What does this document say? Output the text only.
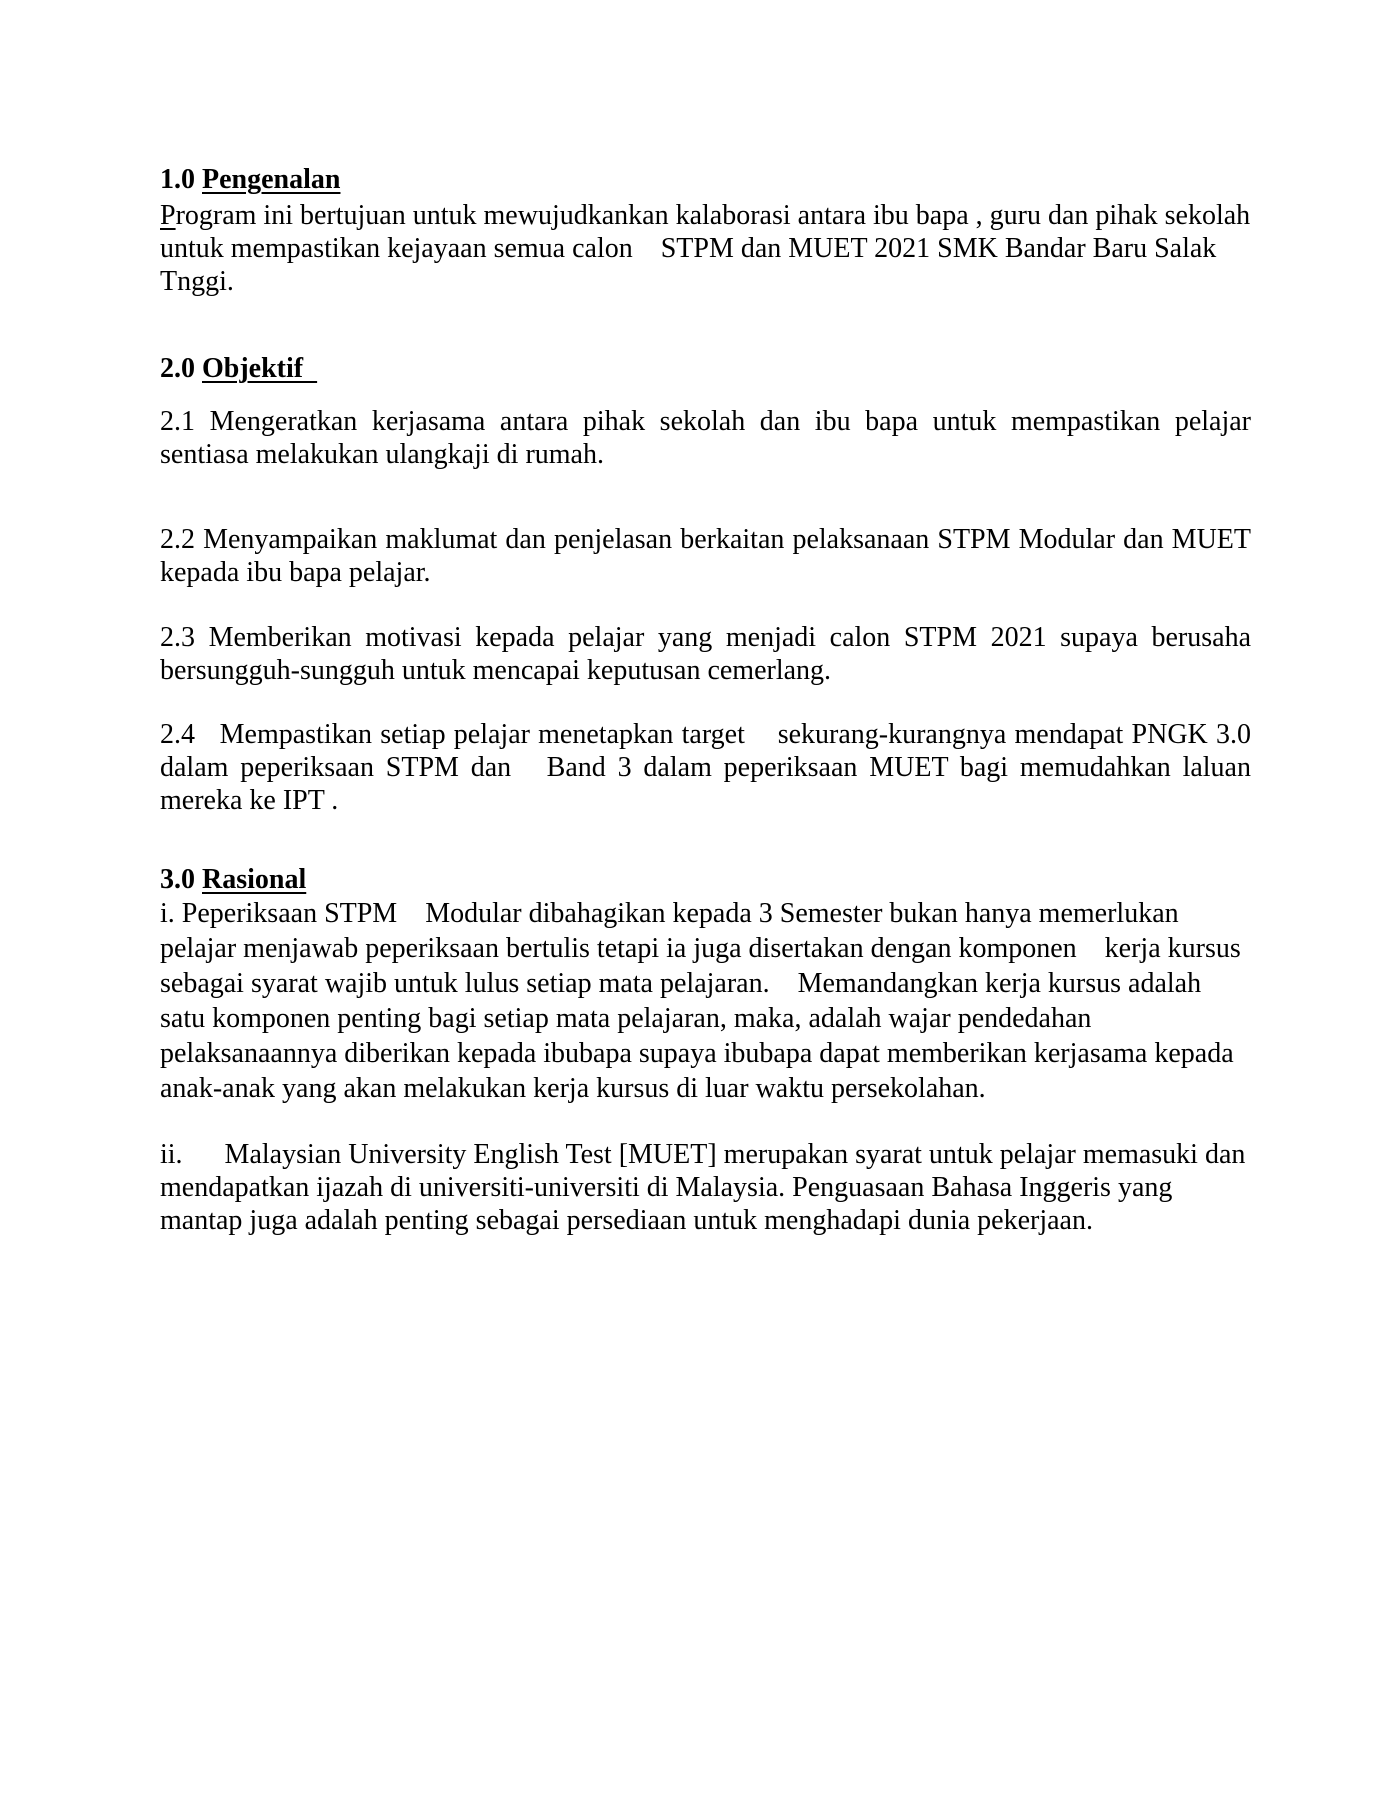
1.0 Pengenalan
Program ini bertujuan untuk mewujudkankan kalaborasi antara ibu bapa , guru dan pihak sekolah
untuk mempastikan kejayaan semua calon    STPM dan MUET 2021 SMK Bandar Baru Salak
Tnggi.
2.0 Objektif
2.1 Mengeratkan kerjasama antara pihak sekolah dan ibu bapa untuk mempastikan pelajar
sentiasa melakukan ulangkaji di rumah.
2.2 Menyampaikan maklumat dan penjelasan berkaitan pelaksanaan STPM Modular dan MUET
kepada ibu bapa pelajar.
2.3 Memberikan motivasi kepada pelajar yang menjadi calon STPM 2021 supaya berusaha
bersungguh-sungguh untuk mencapai keputusan cemerlang.
2.4   Mempastikan setiap pelajar menetapkan target    sekurang-kurangnya mendapat PNGK 3.0
dalam peperiksaan STPM dan   Band 3 dalam peperiksaan MUET bagi memudahkan laluan
mereka ke IPT .
3.0 Rasional
i. Peperiksaan STPM    Modular dibahagikan kepada 3 Semester bukan hanya memerlukan
pelajar menjawab peperiksaan bertulis tetapi ia juga disertakan dengan komponen    kerja kursus
sebagai syarat wajib untuk lulus setiap mata pelajaran.    Memandangkan kerja kursus adalah
satu komponen penting bagi setiap mata pelajaran, maka, adalah wajar pendedahan
pelaksanaannya diberikan kepada ibubapa supaya ibubapa dapat memberikan kerjasama kepada
anak-anak yang akan melakukan kerja kursus di luar waktu persekolahan.
ii.      Malaysian University English Test [MUET] merupakan syarat untuk pelajar memasuki dan
mendapatkan ijazah di universiti-universiti di Malaysia. Penguasaan Bahasa Inggeris yang
mantap juga adalah penting sebagai persediaan untuk menghadapi dunia pekerjaan.
